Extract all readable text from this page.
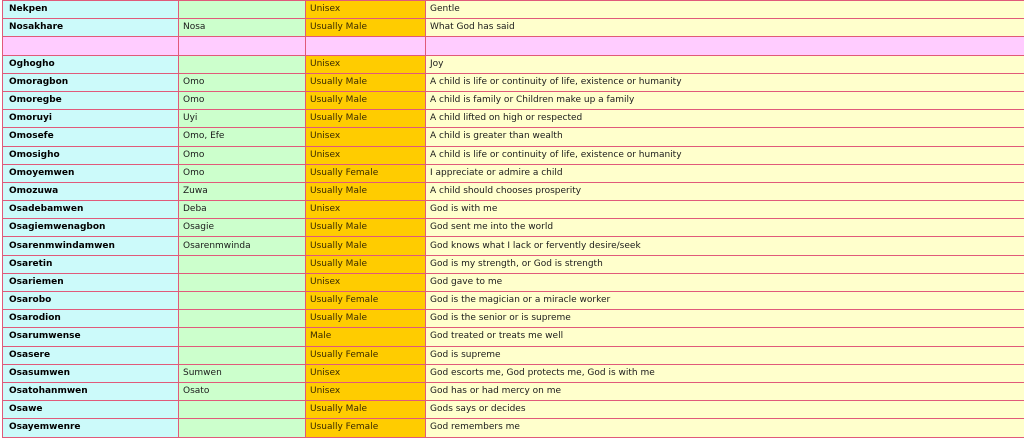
Nekpen		Unisex	Gentle
Nosakhare	Nosa	Usually Male	What God has said

Oghogho		Unisex	Joy
Omoragbon	Omo	Usually Male	A child is life or continuity of life, existence or humanity
Omoregbe	Omo	Usually Male	A child is family or Children make up a family
Omoruyi	Uyi	Usually Male	A child lifted on high or respected
Omosefe	Omo, Efe	Unisex	A child is greater than wealth
Omosigho	Omo	Unisex	A child is life or continuity of life, existence or humanity
Omoyemwen	Omo	Usually Female	I appreciate or admire a child
Omozuwa	Zuwa	Usually Male	A child should chooses prosperity
Osadebamwen	Deba	Unisex	God is with me
Osagiemwenagbon	Osagie	Usually Male	God sent me into the world
Osarenmwindamwen	Osarenmwinda	Usually Male	God knows what I lack or fervently desire/seek
Osaretin		Usually Male	God is my strength, or God is strength
Osariemen		Unisex	God gave to me
Osarobo		Usually Female	God is the magician or a miracle worker
Osarodion		Usually Male	God is the senior or is supreme
Osarumwense		Male	God treated or treats me well
Osasere		Usually Female	God is supreme
Osasumwen	Sumwen	Unisex	God escorts me, God protects me, God is with me
Osatohanmwen	Osato	Unisex	God has or had mercy on me
Osawe		Usually Male	Gods says or decides
Osayemwenre		Usually Female	God remembers me
